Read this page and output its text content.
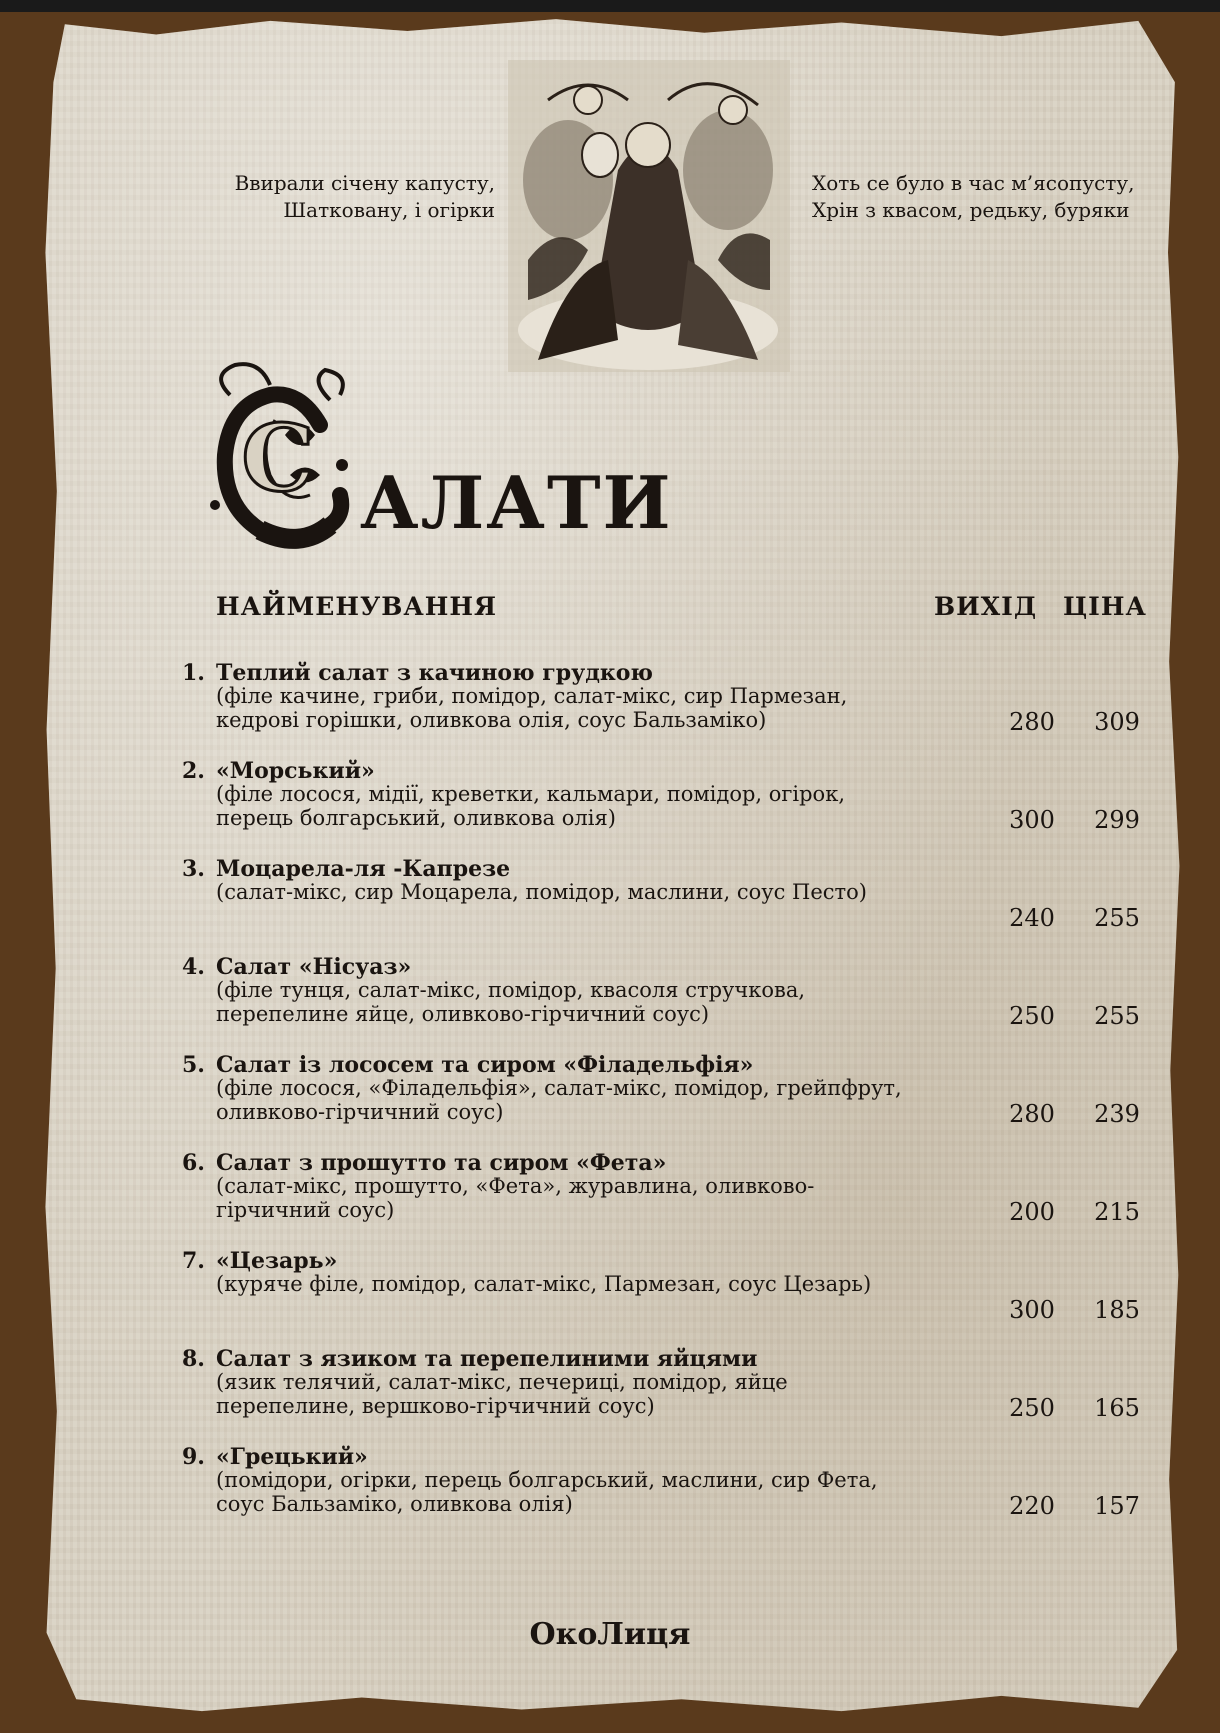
Ввирали січену капусту,
Шатковану, і огірки
Хоть се було в час м’ясопусту,
Хрін з квасом, редьку, буряки
С АЛАТИ
НАЙМЕНУВАННЯ	ВИХІД ЦІНА
1. Теплий салат з качиною грудкою
(філе качине, гриби, помідор, салат-мікс, сир Пармезан, кедрові горішки, оливкова олія, соус Бальзаміко)	280	309
2. «Морський»
(філе лосося, мідії, креветки, кальмари, помідор, огірок, перець болгарський, оливкова олія)	300	299
3. Моцарела-ля -Капрезе
(салат-мікс, сир Моцарела, помідор, маслини, соус Песто)
240	255
4. Салат «Нісуаз»
(філе тунця, салат-мікс, помідор, квасоля стручкова, перепелине яйце, оливково-гірчичний соус)	250	255
5. Салат із лососем та сиром «Філадельфія»
(філе лосося, «Філадельфія», салат-мікс, помідор, грейпфрут, оливково-гірчичний соус)	280	239
6. Салат з прошутто та сиром «Фета»
(салат-мікс, прошутто, «Фета», журавлина, оливково-гірчичний соус)	200	215
7. «Цезарь»
(куряче філе, помідор, салат-мікс, Пармезан, соус Цезарь)
300	185
8. Салат з язиком та перепелиними яйцями
(язик телячий, салат-мікс, печериці, помідор, яйце перепелине, вершково-гірчичний соус)	250	165
9. «Грецький»
(помідори, огірки, перець болгарський, маслини, сир Фета, соус Бальзаміко, оливкова олія)	220	157
ОкоЛиця
